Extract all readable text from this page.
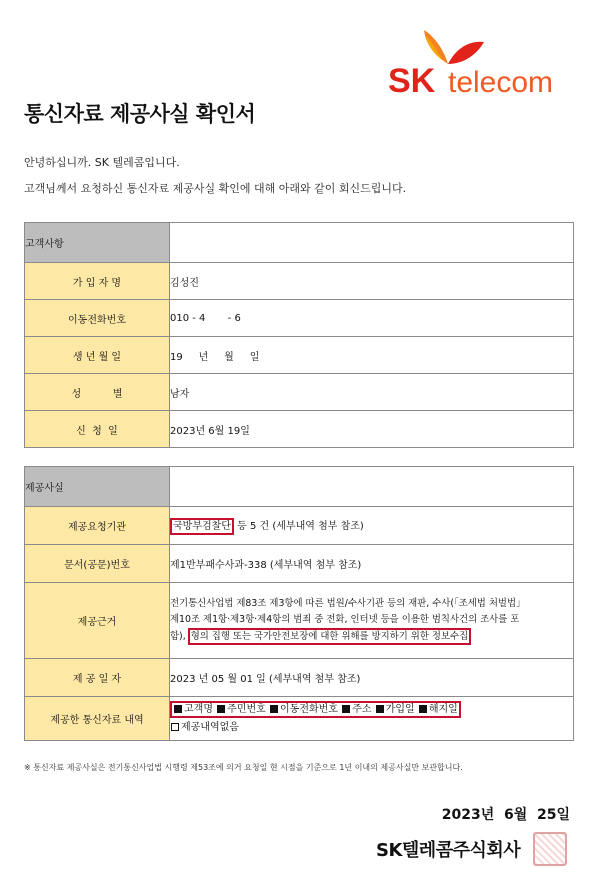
SK telecom
통신자료 제공사실 확인서
안녕하십니까. SK 텔레콤입니다.
고객님께서 요청하신 통신자료 제공사실 확인에 대해 아래와 같이 회신드립니다.
고객사항	
가 입 자 명	김성진
이동전화번호	010 - 4       - 6
생 년 월 일	19     년     월     일
성          별	남자
신  청  일	2023년 6월 19일
제공사실	
제공요청기관	국방부검찰단 등 5 건 (세부내역 첨부 참조)
문서(공문)번호	제1반부패수사과-338 (세부내역 첨부 참조)
제공근거	전기통신사업법 제83조 제3항에 따른 법원/수사기관 등의 재판, 수사(「조세법 처벌법」
제10조 제1항·제3항·제4항의 범죄 중 전화, 인터넷 등을 이용한 범칙사건의 조사를 포
함), 형의 집행 또는 국가안전보장에 대한 위해를 방지하기 위한 정보수집

제 공 일 자	2023 년 05 월 01 일 (세부내역 첨부 참조)
제공한 통신자료 내역	고객명 주민번호 이동전화번호 주소 가입일 해지일
제공내역없음
※ 통신자료 제공사실은 전기통신사업법 시행령 제53조에 의거 요청일 현 시점을 기준으로 1년 이내의 제공사실만 보관합니다.
2023년  6월  25일
SK텔레콤주식회사
